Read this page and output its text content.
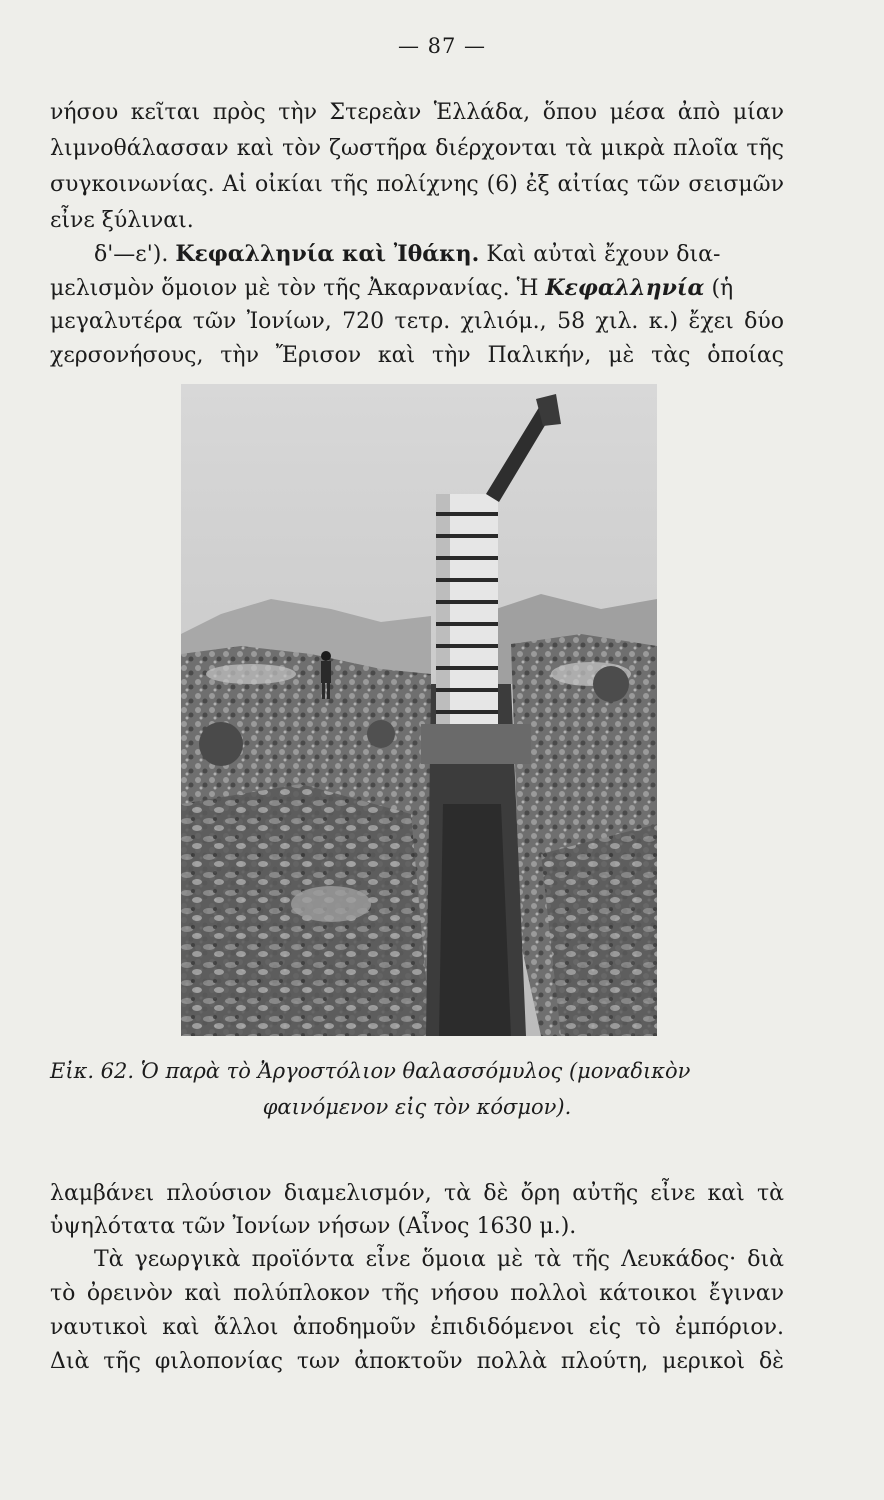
— 87 —
νήσου κεῖται πρὸς τὴν Στερεὰν Ἑλλάδα, ὅπου μέσα ἀπὸ μίαν
λιμνοθάλασσαν καὶ τὸν ζωστῆρα διέρχονται τὰ μικρὰ πλοῖα τῆς
συγκοινωνίας. Αἱ οἰκίαι τῆς πολίχνης (6) ἐξ αἰτίας τῶν σεισμῶν
εἶνε ξύλιναι.
δ'—ε'). Κεφαλληνία καὶ Ἰθάκη. Καὶ αὐταὶ ἔχουν δια-
μελισμὸν ὅμοιον μὲ τὸν τῆς Ἀκαρνανίας. Ἡ Κεφαλληνία (ἡ
μεγαλυτέρα τῶν Ἰονίων, 720 τετρ. χιλιόμ., 58 χιλ. κ.) ἔχει δύο
χερσονήσους, τὴν Ἔρισον καὶ τὴν Παλικήν, μὲ τὰς ὁποίας
Εἰκ. 62. Ὁ παρὰ τὸ Ἀργοστόλιον θαλασσόμυλος (μοναδικὸν
φαινόμενον εἰς τὸν κόσμον).
λαμβάνει πλούσιον διαμελισμόν, τὰ δὲ ὄρη αὐτῆς εἶνε καὶ τὰ
ὑψηλότατα τῶν Ἰονίων νήσων (Αἶνος 1630 μ.).
Τὰ γεωργικὰ προϊόντα εἶνε ὅμοια μὲ τὰ τῆς Λευκάδος· διὰ
τὸ ὀρεινὸν καὶ πολύπλοκον τῆς νήσου πολλοὶ κάτοικοι ἔγιναν
ναυτικοὶ καὶ ἄλλοι ἀποδημοῦν ἐπιδιδόμενοι εἰς τὸ ἐμπόριον.
Διὰ τῆς φιλοπονίας των ἀποκτοῦν πολλὰ πλούτη, μερικοὶ δὲ
